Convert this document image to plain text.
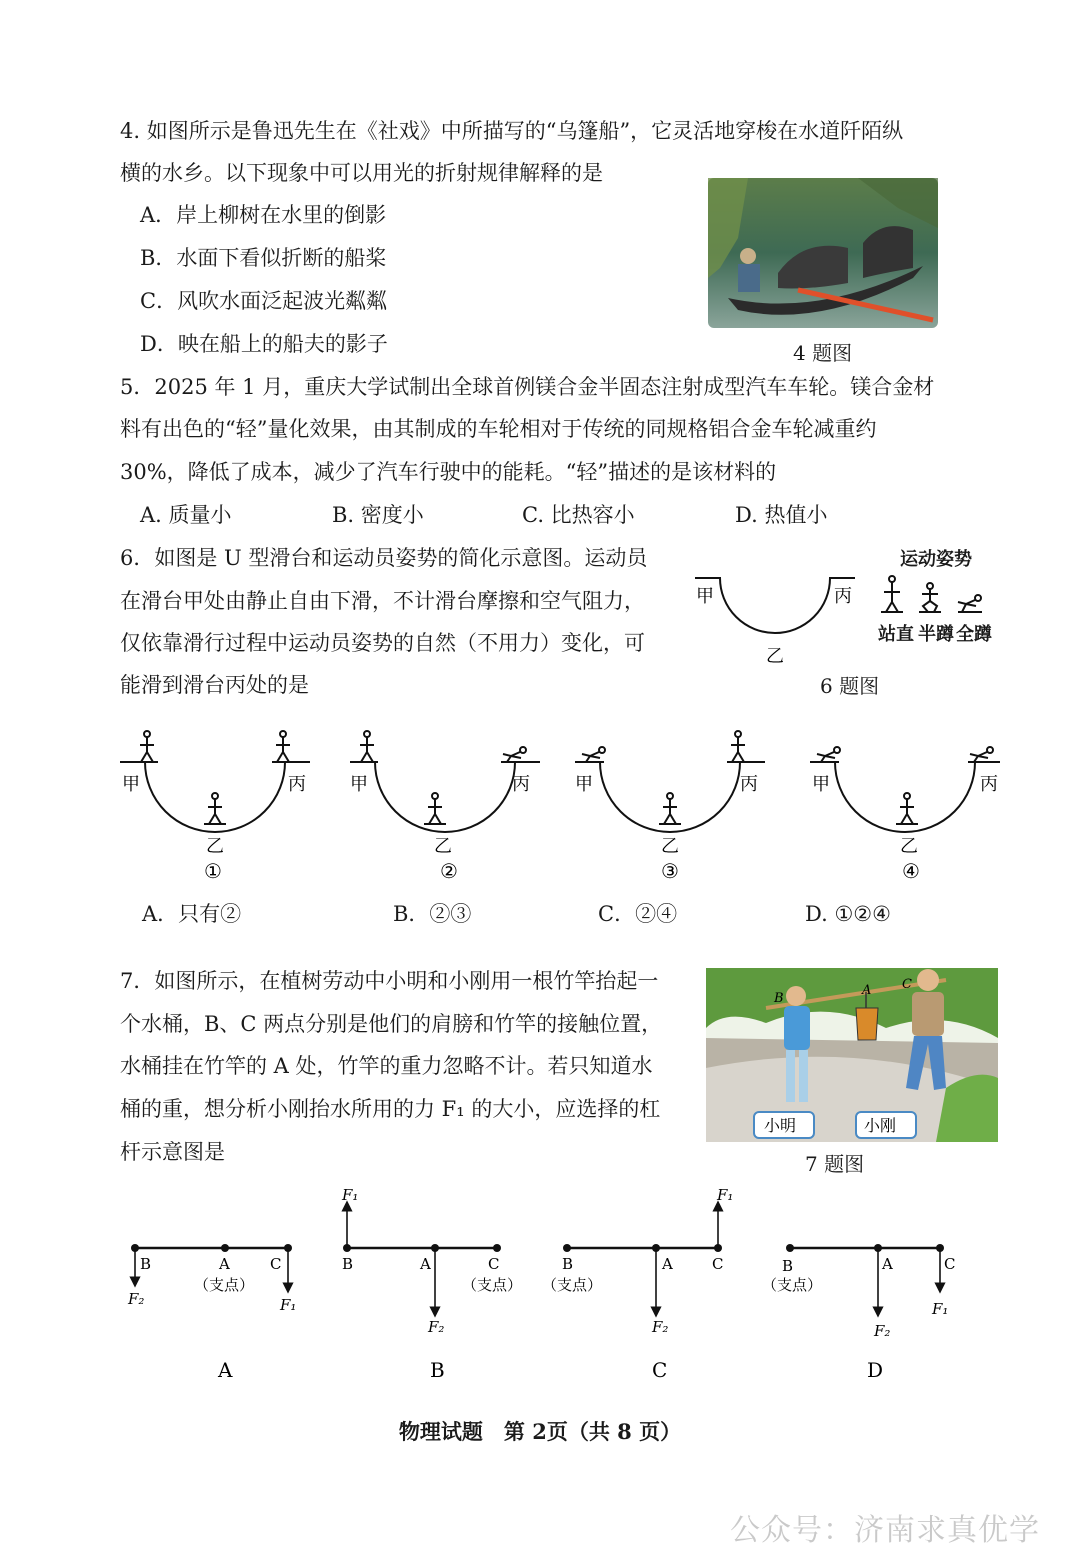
4. 如图所示是鲁迅先生在《社戏》中所描写的“乌篷船”，它灵活地穿梭在水道阡陌纵
横的水乡。以下现象中可以用光的折射规律解释的是
A．岸上柳树在水里的倒影
B．水面下看似折断的船桨
C．风吹水面泛起波光粼粼
D．映在船上的船夫的影子	4 题图
5．2025 年 1 月，重庆大学试制出全球首例镁合金半固态注射成型汽车车轮。镁合金材
料有出色的“轻”量化效果，由其制成的车轮相对于传统的同规格铝合金车轮减重约
30%，降低了成本，减少了汽车行驶中的能耗。“轻”描述的是该材料的
A. 质量小	B. 密度小	C. 比热容小	D. 热值小
6．如图是 U 型滑台和运动员姿势的简化示意图。运动员
在滑台甲处由静止自由下滑，不计滑台摩擦和空气阻力，
仅依靠滑行过程中运动员姿势的自然（不用力）变化，可
能滑到滑台丙处的是
甲	丙
乙
运动姿势
站直 半蹲 全蹲
6 题图
甲	丙
乙
①
甲	丙
乙
②
甲	丙
乙
③
甲	丙
乙
④
A．只有②	B．②③	C．②④	D. ①②④
7．如图所示，在植树劳动中小明和小刚用一根竹竿抬起一
个水桶，B、C 两点分别是他们的肩膀和竹竿的接触位置，
水桶挂在竹竿的 A 处，竹竿的重力忽略不计。若只知道水
桶的重，想分析小刚抬水所用的力 F₁ 的大小，应选择的杠
杆示意图是
B
A C
小明	小刚
7 题图
B	A	C
（支点）
F₂	F₁
A
F₁
B	A	C
（支点）
F₂
B
F₁
B	A	C
（支点）
F₂
C
B	A	C
（支点）
F₂
F₁
D
物理试题　第 2页（共 8 页）
公众号：济南求真优学
